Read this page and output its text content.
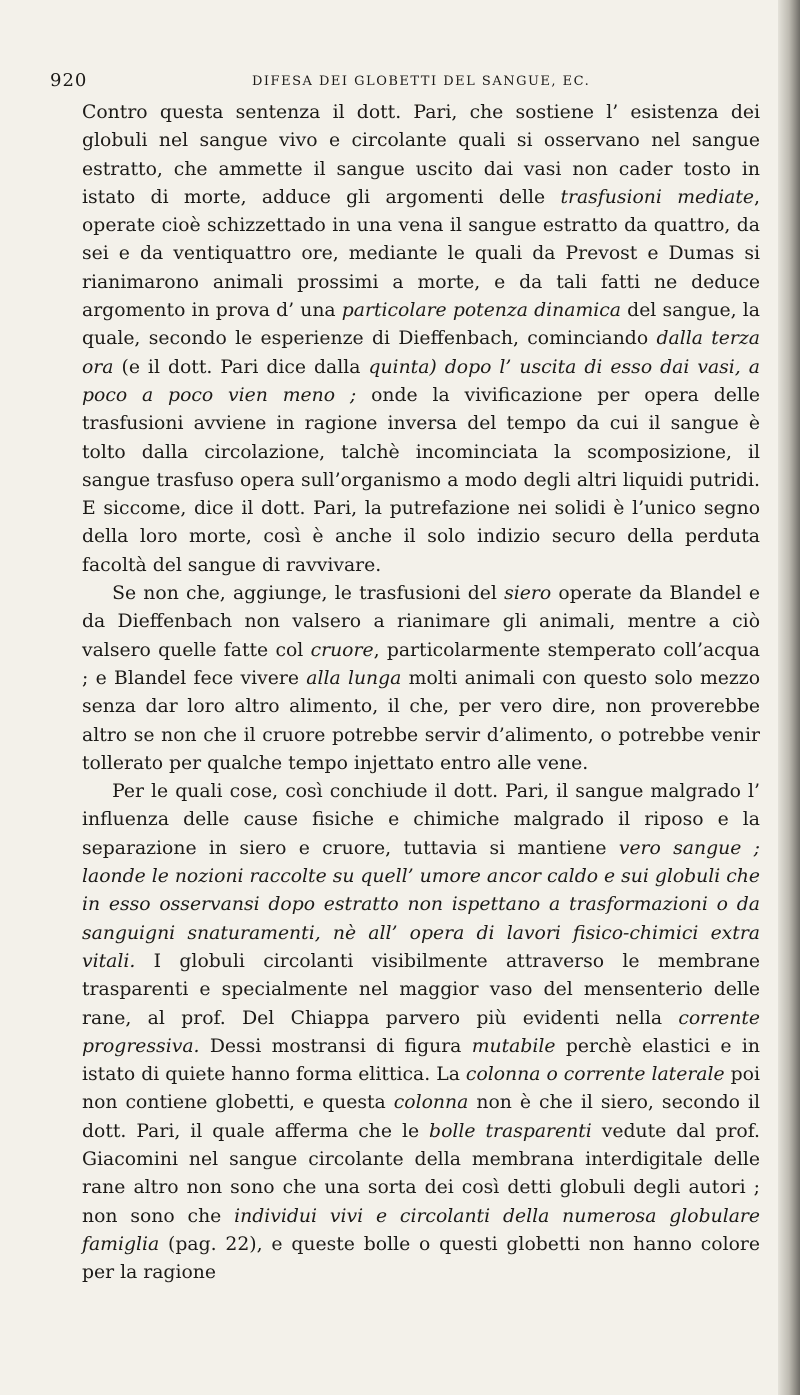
920	DIFESA DEI GLOBETTI DEL SANGUE, EC.

Contro questa sentenza il dott. Pari, che sostiene l’ esistenza dei globuli nel sangue vivo e circolante quali si osservano nel sangue estratto, che ammette il sangue uscito dai vasi non cader tosto in istato di morte, adduce gli argomenti delle trasfusioni mediate, operate cioè schizzettado in una vena il sangue estratto da quattro, da sei e da ventiquattro ore, mediante le quali da Prevost e Dumas si rianimarono animali prossimi a morte, e da tali fatti ne deduce argomento in prova d’ una particolare potenza dinamica del sangue, la quale, secondo le esperienze di Dieffenbach, cominciando dalla terza ora (e il dott. Pari dice dalla quinta) dopo l’ uscita di esso dai vasi, a poco a poco vien meno ; onde la vivificazione per opera delle trasfusioni avviene in ragione inversa del tempo da cui il sangue è tolto dalla circolazione, talchè incominciata la scomposizione, il sangue trasfuso opera sull’organismo a modo degli altri liquidi putridi. E siccome, dice il dott. Pari, la putrefazione nei solidi è l’unico segno della loro morte, così è anche il solo indizio securo della perduta facoltà del sangue di ravvivare.

Se non che, aggiunge, le trasfusioni del siero operate da Blandel e da Dieffenbach non valsero a rianimare gli animali, mentre a ciò valsero quelle fatte col cruore, particolarmente stemperato coll’acqua ; e Blandel fece vivere alla lunga molti animali con questo solo mezzo senza dar loro altro alimento, il che, per vero dire, non proverebbe altro se non che il cruore potrebbe servir d’alimento, o potrebbe venir tollerato per qualche tempo injettato entro alle vene.

Per le quali cose, così conchiude il dott. Pari, il sangue malgrado l’ influenza delle cause fisiche e chimiche malgrado il riposo e la separazione in siero e cruore, tuttavia si mantiene vero sangue ; laonde le nozioni raccolte su quell’ umore ancor caldo e sui globuli che in esso osservansi dopo estratto non ispettano a trasformazioni o da sanguigni snaturamenti, nè all’ opera di lavori fisico-chimici extra vitali. I globuli circolanti visibilmente attraverso le membrane trasparenti e specialmente nel maggior vaso del mensenterio delle rane, al prof. Del Chiappa parvero più evidenti nella corrente progressiva. Dessi mostransi di figura mutabile perchè elastici e in istato di quiete hanno forma elittica. La colonna o corrente laterale poi non contiene globetti, e questa colonna non è che il siero, secondo il dott. Pari, il quale afferma che le bolle trasparenti vedute dal prof. Giacomini nel sangue circolante della membrana interdigitale delle rane altro non sono che una sorta dei così detti globuli degli autori ; non sono che individui vivi e circolanti della numerosa globulare famiglia (pag. 22), e queste bolle o questi globetti non hanno colore per la ragione
